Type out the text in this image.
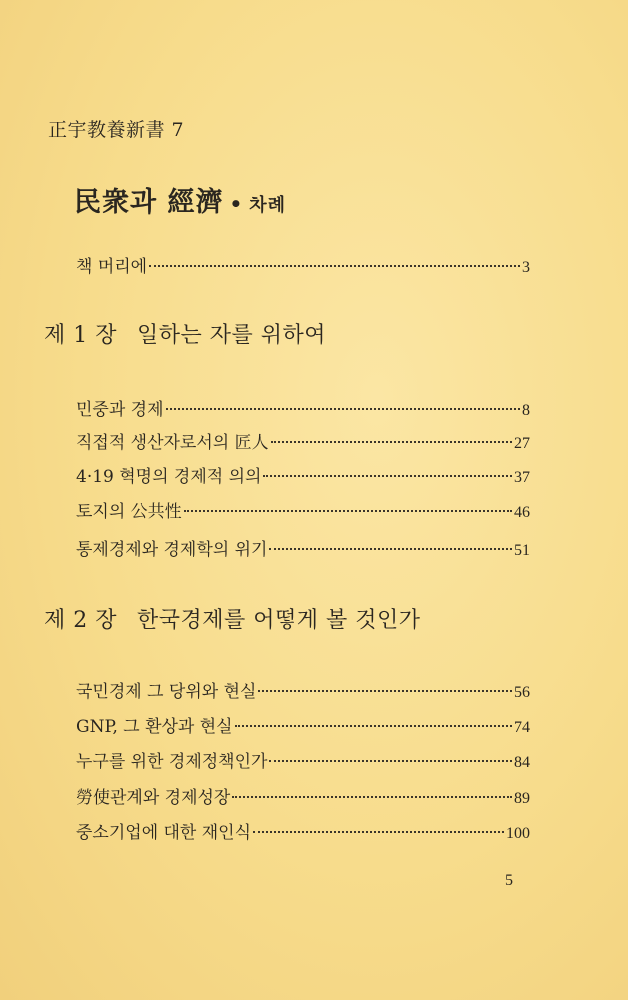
正宇教養新書 7
民衆과 經濟 • 차례
책 머리에	3
제 1 장 일하는 자를 위하여
민중과 경제	8
직접적 생산자로서의 匠人	27
4·19 혁명의 경제적 의의	37
토지의 公共性	46
통제경제와 경제학의 위기	51
제 2 장 한국경제를 어떻게 볼 것인가
국민경제 그 당위와 현실	56
GNP, 그 환상과 현실	74
누구를 위한 경제정책인가	84
勞使관계와 경제성장	89
중소기업에 대한 재인식	100
5
